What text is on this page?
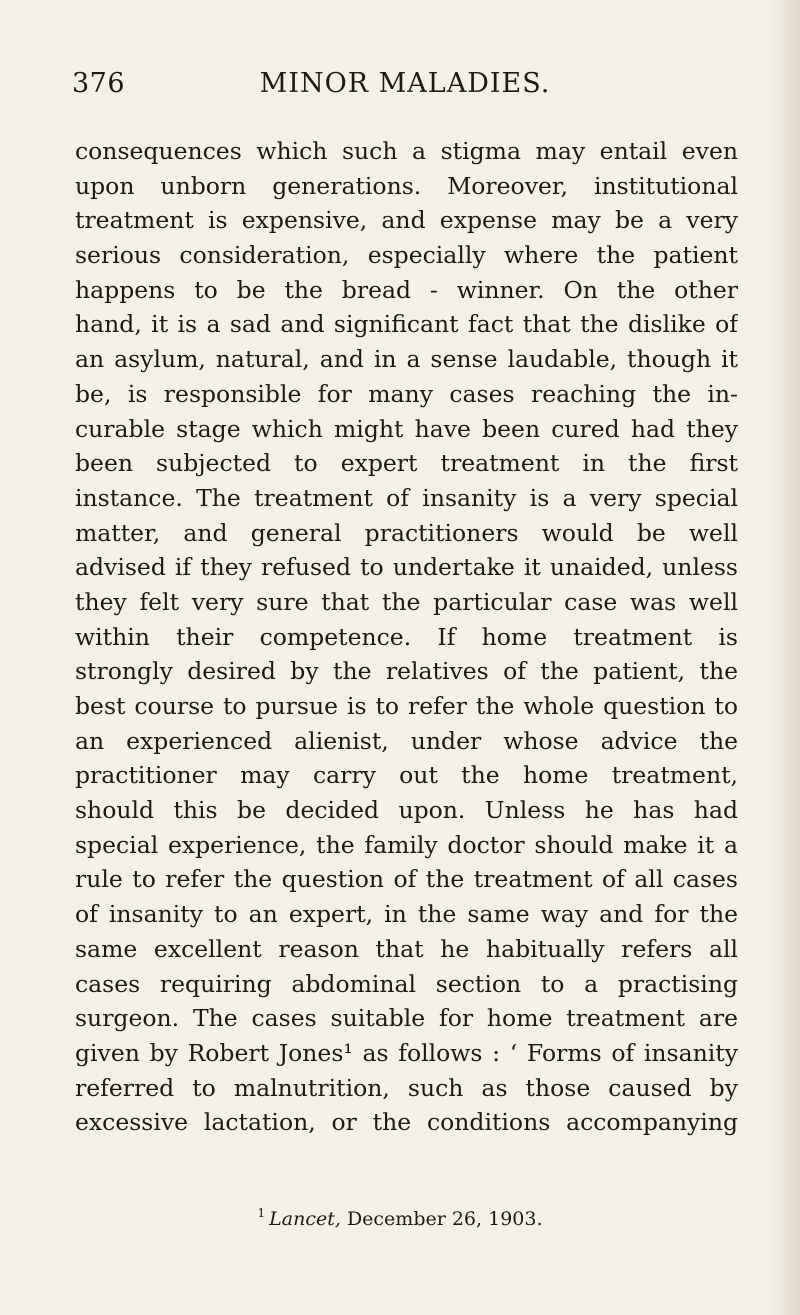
376	MINOR MALADIES.
consequences which such a stigma may entail even
upon unborn generations. Moreover, institutional
treatment is expensive, and expense may be a very
serious consideration, especially where the patient
happens to be the bread - winner. On the other
hand, it is a sad and significant fact that the dislike of
an asylum, natural, and in a sense laudable, though it
be, is responsible for many cases reaching the in-
curable stage which might have been cured had they
been subjected to expert treatment in the first
instance. The treatment of insanity is a very special
matter, and general practitioners would be well
advised if they refused to undertake it unaided, unless
they felt very sure that the particular case was well
within their competence. If home treatment is
strongly desired by the relatives of the patient, the
best course to pursue is to refer the whole question to
an experienced alienist, under whose advice the
practitioner may carry out the home treatment,
should this be decided upon. Unless he has had
special experience, the family doctor should make it a
rule to refer the question of the treatment of all cases
of insanity to an expert, in the same way and for the
same excellent reason that he habitually refers all
cases requiring abdominal section to a practising
surgeon. The cases suitable for home treatment are
given by Robert Jones¹ as follows : ‘ Forms of insanity
referred to malnutrition, such as those caused by
excessive lactation, or the conditions accompanying
$^1$ Lancet, December 26, 1903.
